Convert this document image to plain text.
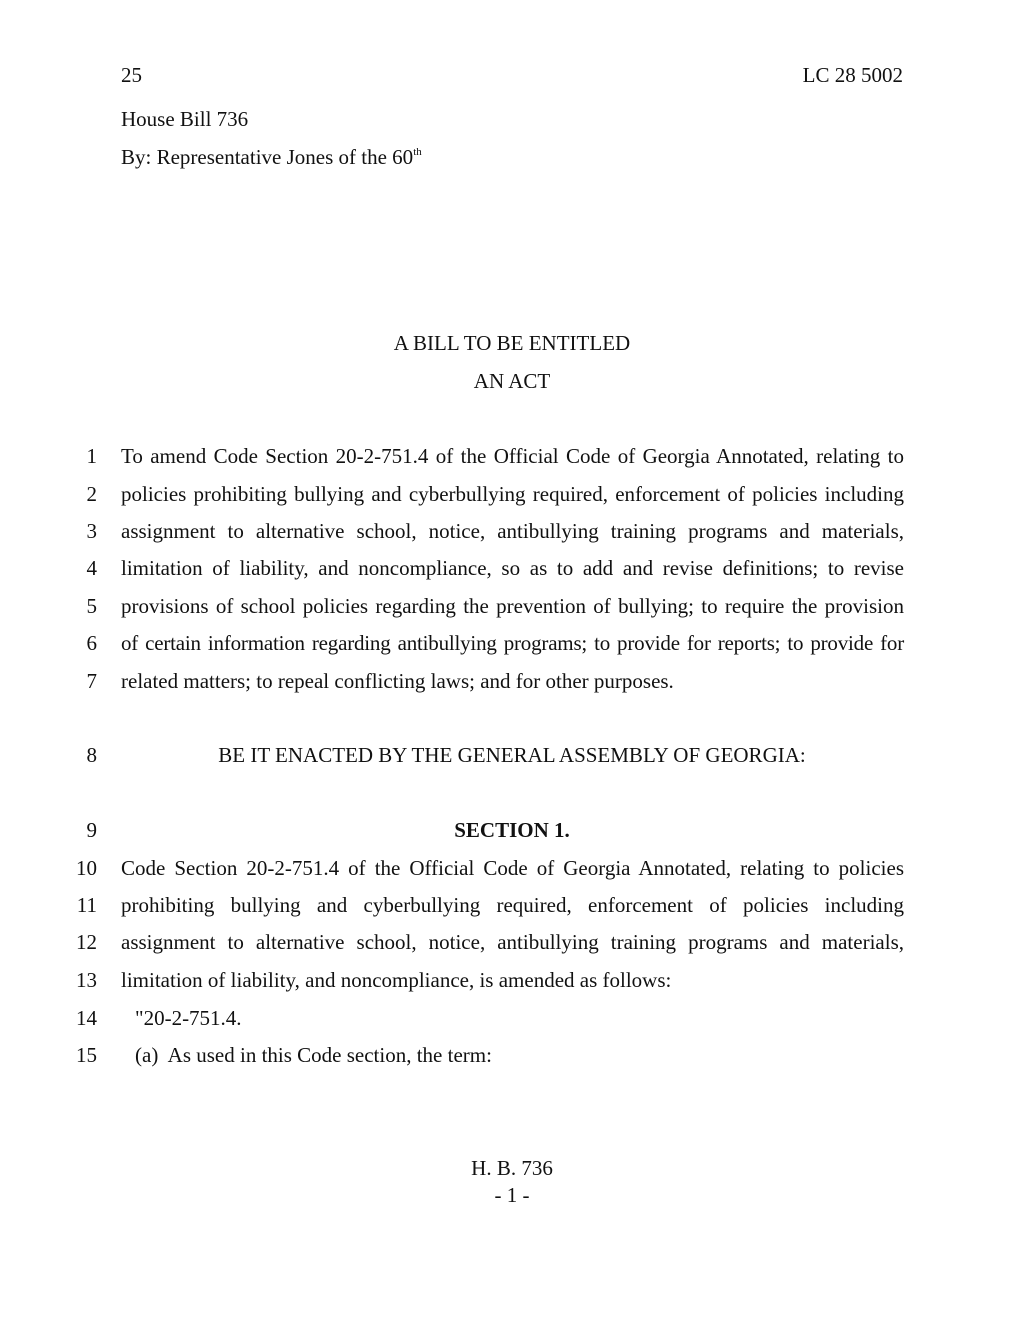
25	LC 28 5002
House Bill 736
By: Representative Jones of the 60th
A BILL TO BE ENTITLED
AN ACT
1 To amend Code Section 20-2-751.4 of the Official Code of Georgia Annotated, relating to
2 policies prohibiting bullying and cyberbullying required, enforcement of policies including
3 assignment to alternative school, notice, antibullying training programs and materials,
4 limitation of liability, and noncompliance, so as to add and revise definitions; to revise
5 provisions of school policies regarding the prevention of bullying; to require the provision
6 of certain information regarding antibullying programs; to provide for reports; to provide for
7 related matters; to repeal conflicting laws; and for other purposes.
8	BE IT ENACTED BY THE GENERAL ASSEMBLY OF GEORGIA:
9	SECTION 1.
10 Code Section 20-2-751.4 of the Official Code of Georgia Annotated, relating to policies
11 prohibiting bullying and cyberbullying required, enforcement of policies including
12 assignment to alternative school, notice, antibullying training programs and materials,
13 limitation of liability, and noncompliance, is amended as follows:
14	"20-2-751.4.
15	(a)  As used in this Code section, the term:
H. B. 736
- 1 -
